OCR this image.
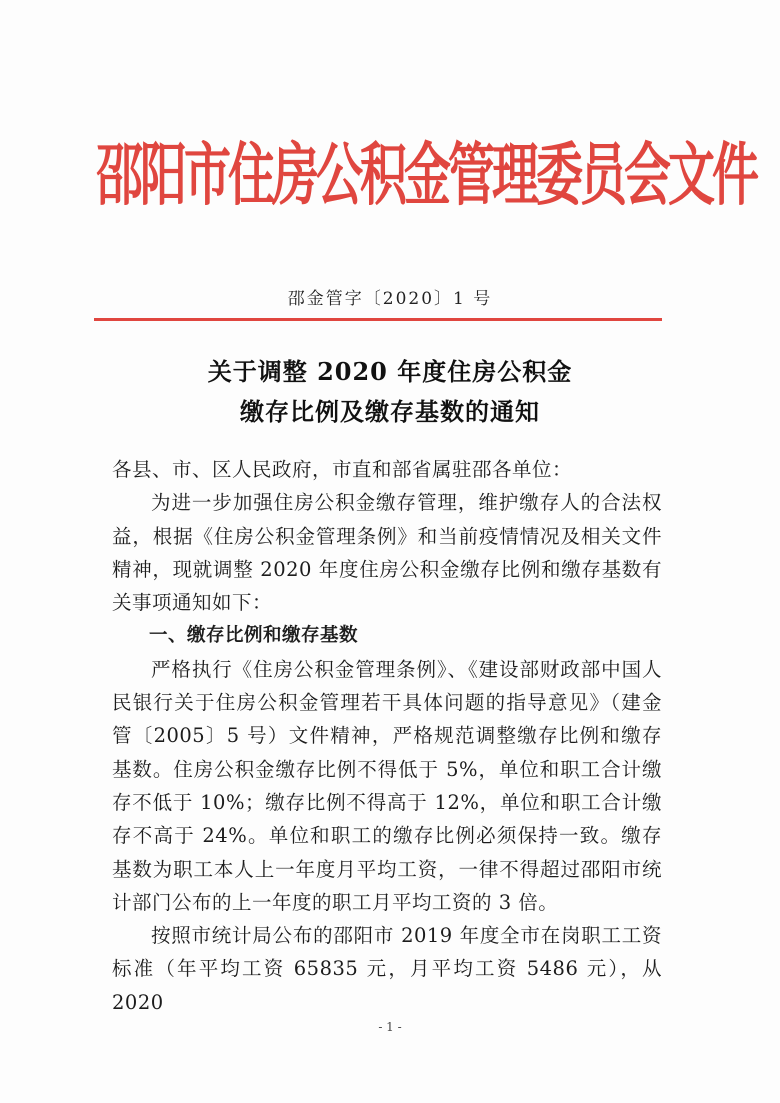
邵阳市住房公积金管理委员会文件
邵金管字〔2020〕1 号
关于调整 2020 年度住房公积金
缴存比例及缴存基数的通知

各县、市、区人民政府，市直和部省属驻邵各单位：

为进一步加强住房公积金缴存管理，维护缴存人的合法权益，根据《住房公积金管理条例》和当前疫情情况及相关文件精神，现就调整 2020 年度住房公积金缴存比例和缴存基数有关事项通知如下：

一、缴存比例和缴存基数

严格执行《住房公积金管理条例》、《建设部财政部中国人民银行关于住房公积金管理若干具体问题的指导意见》（建金管〔2005〕5 号）文件精神，严格规范调整缴存比例和缴存基数。住房公积金缴存比例不得低于 5%，单位和职工合计缴存不低于 10%；缴存比例不得高于 12%，单位和职工合计缴存不高于 24%。单位和职工的缴存比例必须保持一致。缴存基数为职工本人上一年度月平均工资，一律不得超过邵阳市统计部门公布的上一年度的职工月平均工资的 3 倍。

按照市统计局公布的邵阳市 2019 年度全市在岗职工工资标准（年平均工资 65835 元，月平均工资 5486 元），从 2020

- 1 -
